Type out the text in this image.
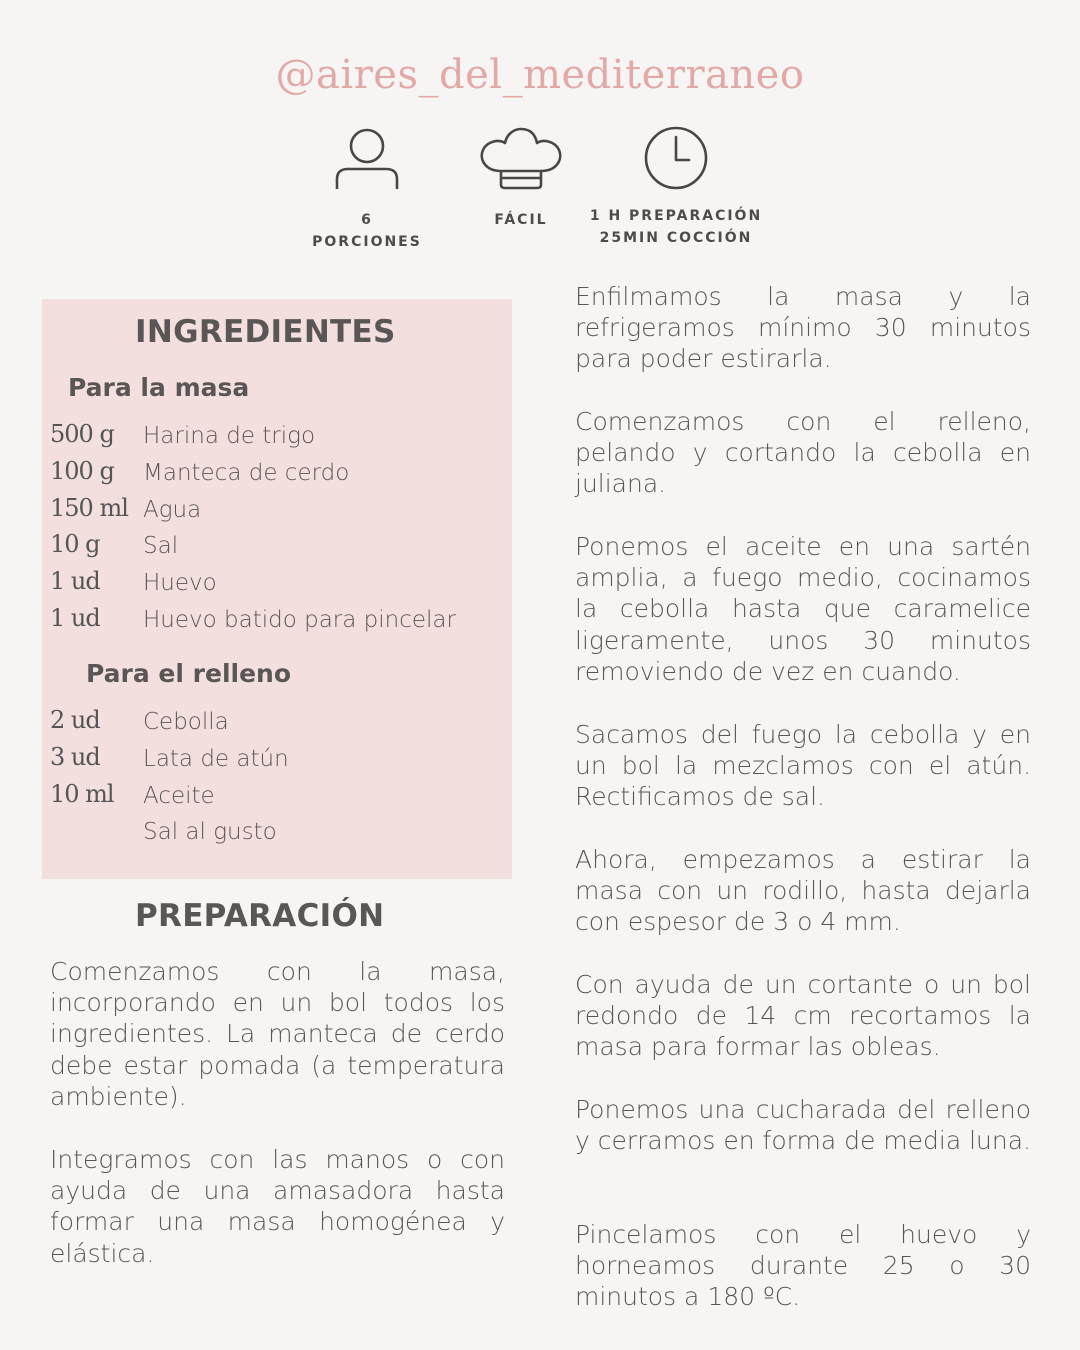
@aires_del_mediterraneo
6
PORCIONES
FÁCIL	1 H PREPARACIÓN
25MIN COCCIÓN
INGREDIENTES
Para la masa
500 g Harina de trigo
100 g Manteca de cerdo
150 ml Agua
10 g Sal
1 ud Huevo
1 ud Huevo batido para pincelar
Para el relleno
2 ud Cebolla
3 ud Lata de atún
10 ml Aceite
Sal al gusto
PREPARACIÓN
Comenzamos con la masa, incorporando en un bol todos los ingredientes. La manteca de cerdo debe estar pomada (a temperatura ambiente).
Integramos con las manos o con ayuda de una amasadora hasta formar una masa homogénea y elástica.
Enfilmamos la masa y la refrigeramos mínimo 30 minutos para poder estirarla.
Comenzamos con el relleno, pelando y cortando la cebolla en juliana.
Ponemos el aceite en una sartén amplia, a fuego medio, cocinamos la cebolla hasta que caramelice ligeramente, unos 30 minutos removiendo de vez en cuando.
Sacamos del fuego la cebolla y en un bol la mezclamos con el atún. Rectificamos de sal.
Ahora, empezamos a estirar la masa con un rodillo, hasta dejarla con espesor de 3 o 4 mm.
Con ayuda de un cortante o un bol redondo de 14 cm recortamos la masa para formar las obleas.
Ponemos una cucharada del relleno y cerramos en forma de media luna.
Pincelamos con el huevo y horneamos durante 25 o 30 minutos a 180 ºC.
